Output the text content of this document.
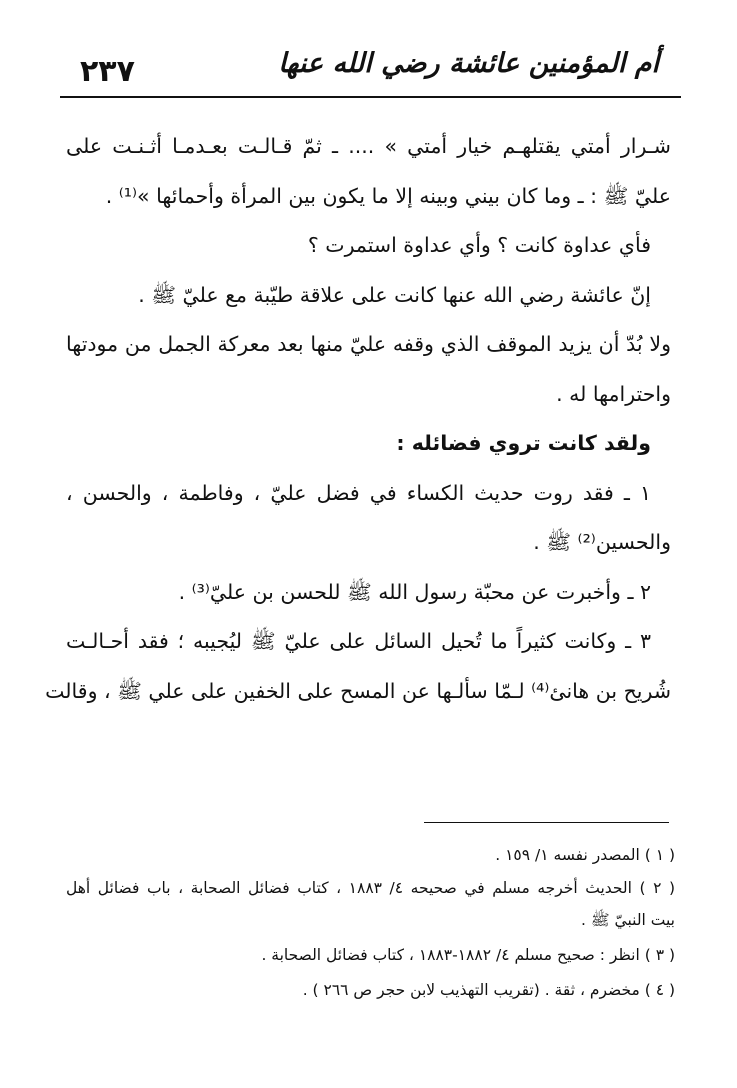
٢٣٧	أم المؤمنين عائشة رضي الله عنها
شـرار أمتي يقتلهـم خيار أمتي » .... ـ ثمّ قـالـت بعـدمـا أثـنـت على
عليّ ﷺ : ـ وما كان بيني وبينه إلا ما يكون بين المرأة وأحمائها »⁽¹⁾ .
فأي عداوة كانت ؟ وأي عداوة استمرت ؟
إنّ عائشة رضي الله عنها كانت على علاقة طيّبة مع عليّ ﷺ .
ولا بُدّ أن يزيد الموقف الذي وقفه عليّ منها بعد معركة الجمل من مودتها
واحترامها له .
ولقد كانت تروي فضائله :
١ ـ فقد روت حديث الكساء في فضل عليّ ، وفاطمة ، والحسن ،
والحسين⁽²⁾ ﷺ .
٢ ـ وأخبرت عن محبّة رسول الله ﷺ للحسن بن عليّ⁽³⁾ .
٣ ـ وكانت كثيراً ما تُحيل السائل على عليّ ﷺ ليُجيبه ؛ فقد أحـالـت
شُريح بن هانئ⁽⁴⁾ لـمّا سألـها عن المسح على الخفين على علي ﷺ ، وقالت
( ١ ) المصدر نفسه ١/ ١٥٩ .
( ٢ ) الحديث أخرجه مسلم في صحيحه ٤/ ١٨٨٣ ، كتاب فضائل الصحابة ، باب فضائل أهل
بيت النبيّ ﷺ .
( ٣ ) انظر : صحيح مسلم ٤/ ١٨٨٢-١٨٨٣ ، كتاب فضائل الصحابة .
( ٤ ) مخضرم ، ثقة . (تقريب التهذيب لابن حجر ص ٢٦٦ ) .
